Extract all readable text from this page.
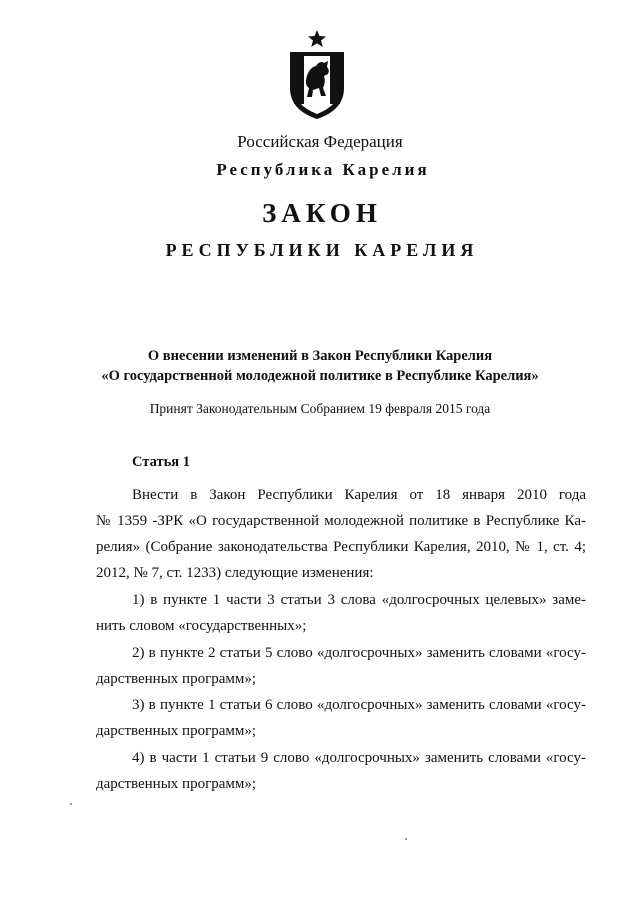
Российская Федерация
Республика Карелия
ЗАКОН
РЕСПУБЛИКИ КАРЕЛИЯ
О внесении изменений в Закон Республики Карелия
«О государственной молодежной политике в Республике Карелия»
Принят Законодательным Собранием 19 февраля 2015 года
Статья 1
Внести в Закон Республики Карелия от 18 января 2010 года
№ 1359 -ЗРК «О государственной молодежной политике в Республике Ка-
релия» (Собрание законодательства Республики Карелия, 2010, № 1, ст. 4;
2012, № 7, ст. 1233) следующие изменения:
1) в пункте 1 части 3 статьи 3 слова «долгосрочных целевых» заме-
нить словом «государственных»;
2) в пункте 2 статьи 5 слово «долгосрочных» заменить словами «госу-
дарственных программ»;
3) в пункте 1 статьи 6 слово «долгосрочных» заменить словами «госу-
дарственных программ»;
4) в части 1 статьи 9 слово «долгосрочных» заменить словами «госу-
дарственных программ»;
